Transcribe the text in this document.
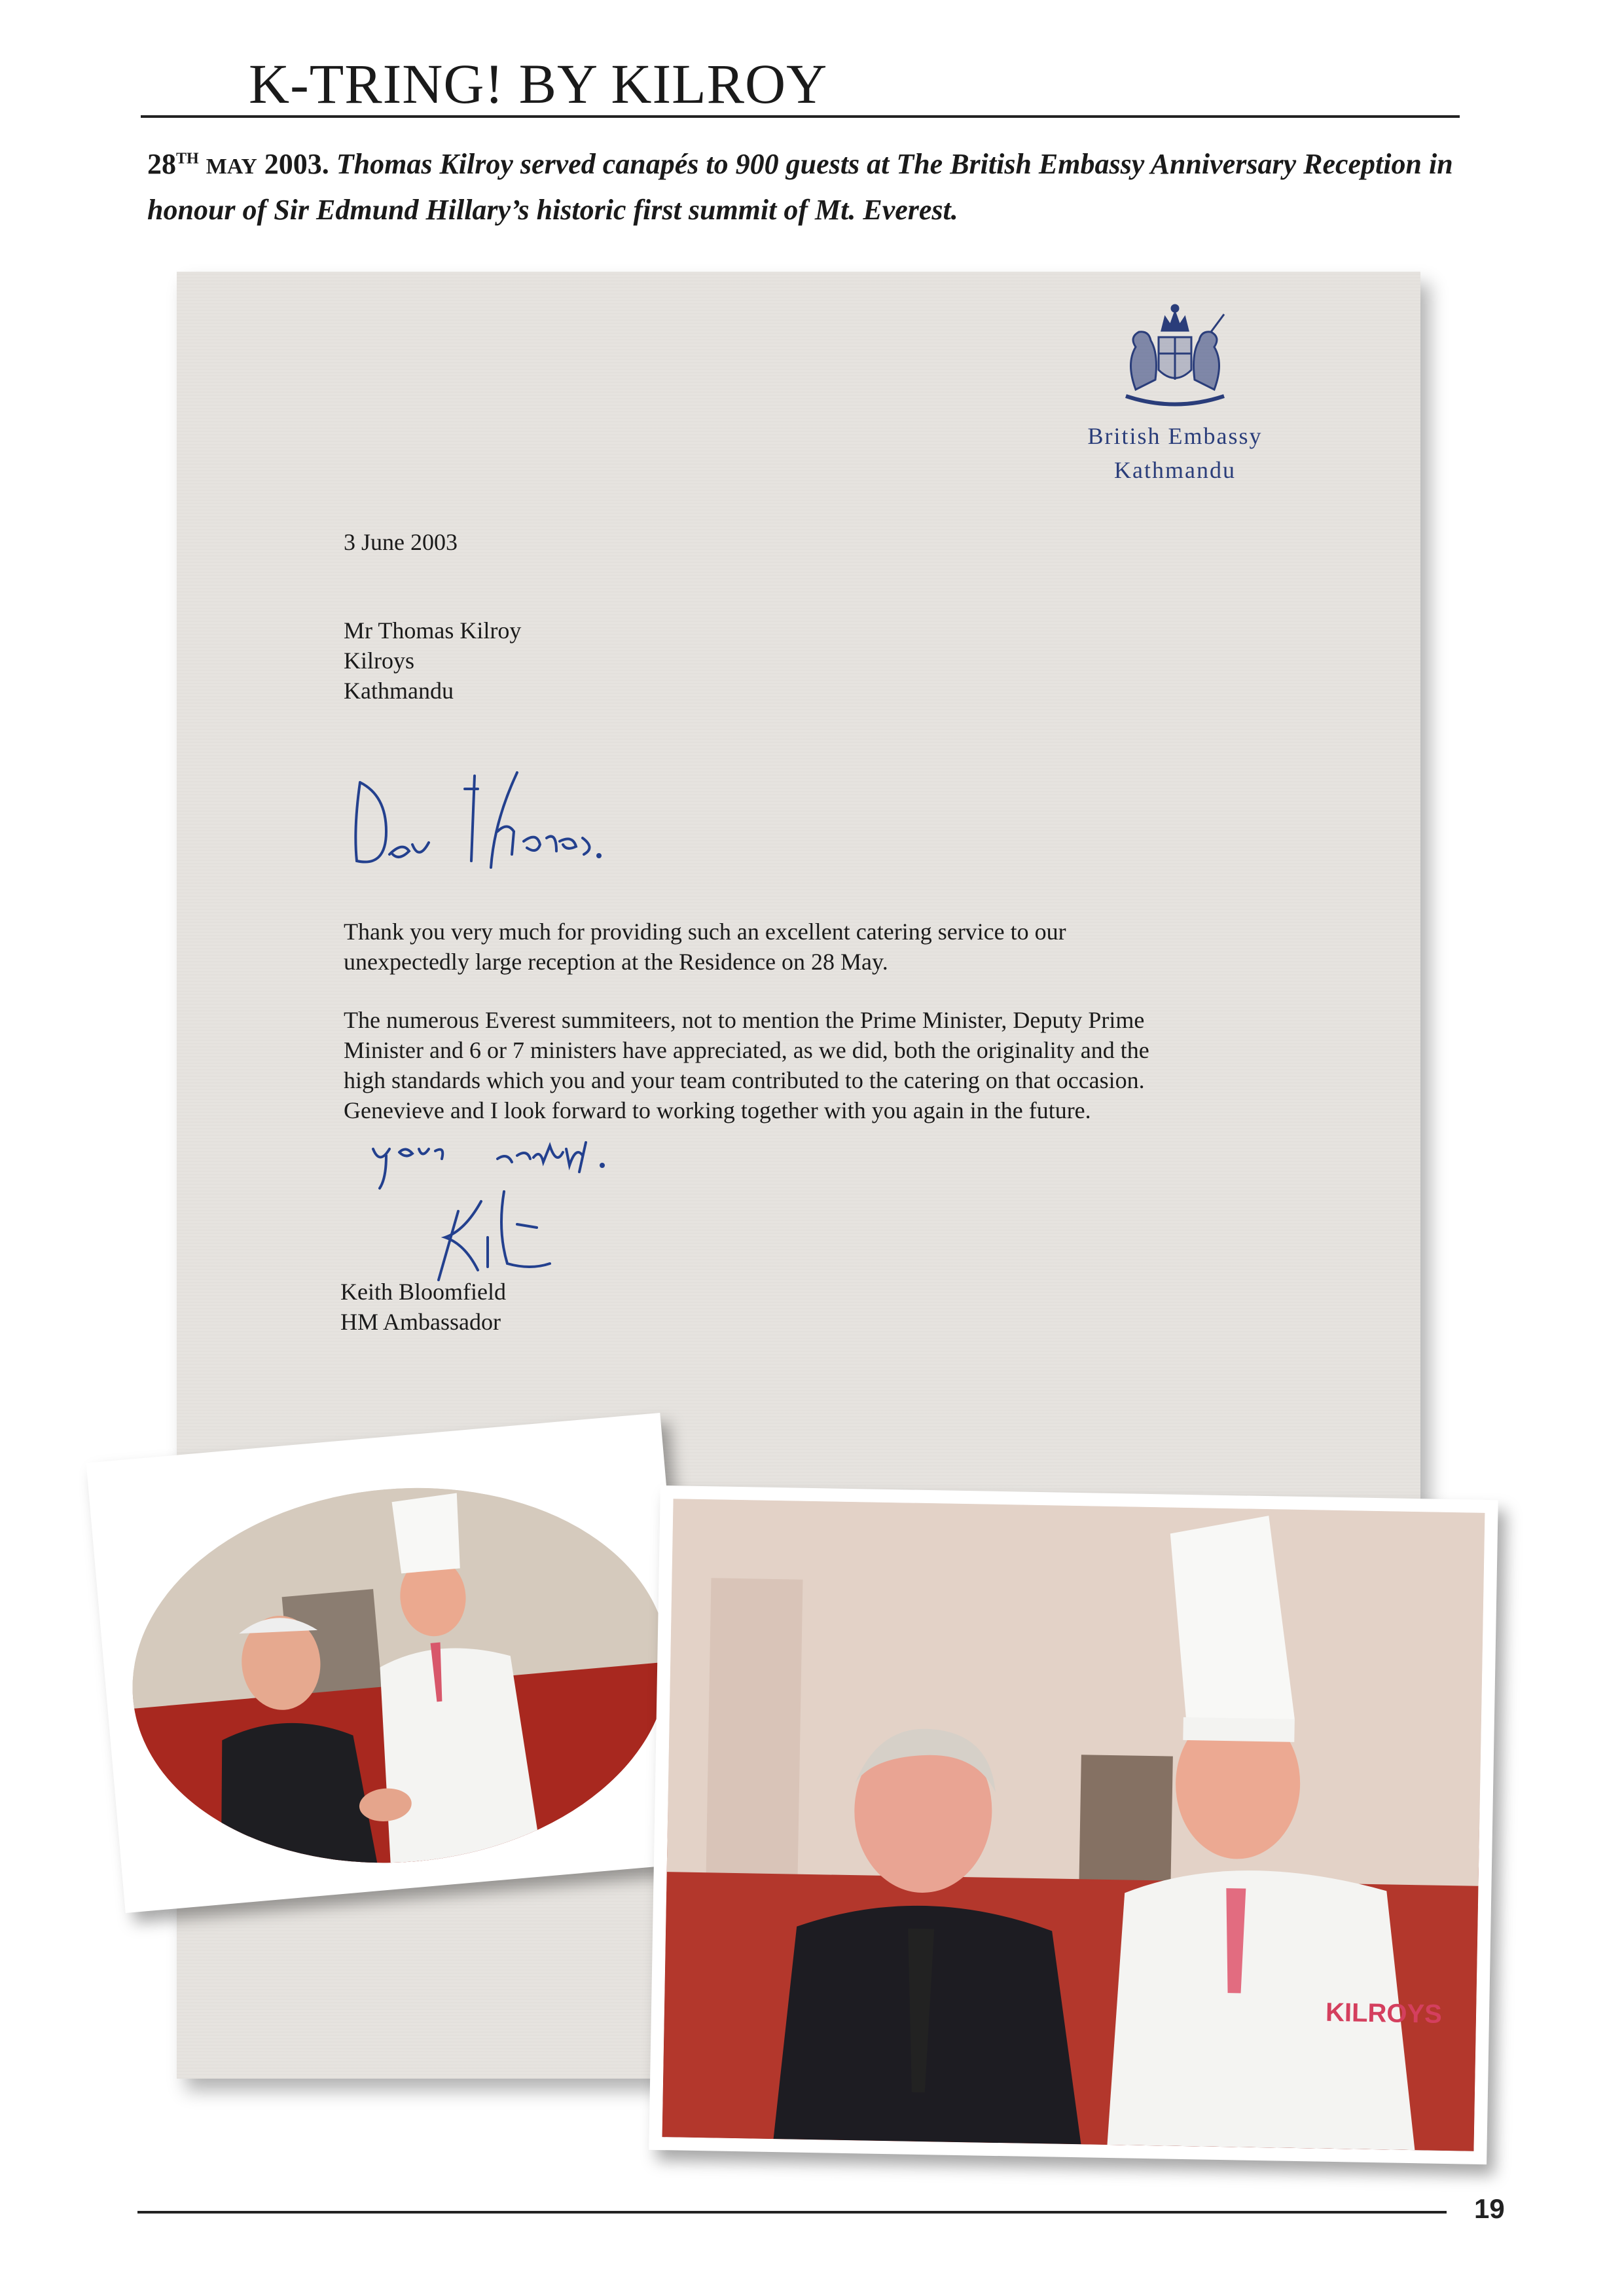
K-TRING! BY KILROY
28TH MAY 2003. Thomas Kilroy served canapés to 900 guests at The British Embassy Anniversary Reception in honour of Sir Edmund Hillary’s historic first summit of Mt. Everest.
British Embassy
Kathmandu
3 June 2003
Mr Thomas Kilroy
Kilroys
Kathmandu
Thank you very much for providing such an excellent catering service to our
unexpectedly large reception at the Residence on 28 May.
The numerous Everest summiteers, not to mention the Prime Minister, Deputy Prime
Minister and 6 or 7 ministers have appreciated, as we did, both the originality and the
high standards which you and your team contributed to the catering on that occasion.
Genevieve and I look forward to working together with you again in the future.
Keith Bloomfield
HM Ambassador
KILROYS
19
